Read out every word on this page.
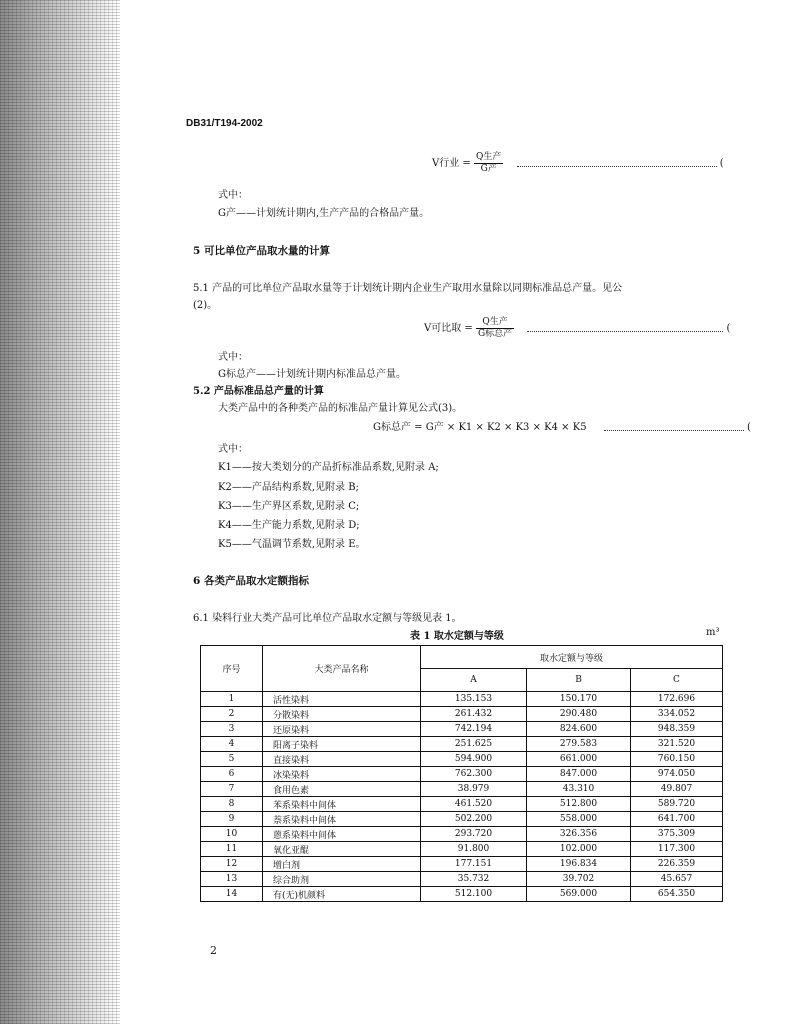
DB31/T194-2002
V行业 = $\frac{\text{Q生产}}{\text{G产}}$	(
式中：
G产——计划统计期内,生产产品的合格品产量。
5 可比单位产品取水量的计算
5.1 产品的可比单位产品取水量等于计划统计期内企业生产取用水量除以同期标准品总产量。见公
(2)。
V可比取 = $\frac{\text{Q生产}}{\text{G标总产}}$	(
式中：
G标总产——计划统计期内标准品总产量。
5.2 产品标准品总产量的计算
大类产品中的各种类产品的标准品产量计算见公式(3)。
G标总产 = G产 × K1 × K2 × K3 × K4 × K5	(
式中：
K1——按大类划分的产品折标准品系数,见附录 A;
K2——产品结构系数,见附录 B;
K3——生产界区系数,见附录 C;
K4——生产能力系数,见附录 D;
K5——气温调节系数,见附录 E。
6 各类产品取水定额指标
6.1 染料行业大类产品可比单位产品取水定额与等级见表 1。
表 1 取水定额与等级	m³
序号	大类产品名称	取水定额与等级		
		A	B	C
1	活性染料	135.153	150.170	172.696
2	分散染料	261.432	290.480	334.052
3	还原染料	742.194	824.600	948.359
4	阳离子染料	251.625	279.583	321.520
5	直接染料	594.900	661.000	760.150
6	冰染染料	762.300	847.000	974.050
7	食用色素	38.979	43.310	49.807
8	苯系染料中间体	461.520	512.800	589.720
9	萘系染料中间体	502.200	558.000	641.700
10	蒽系染料中间体	293.720	326.356	375.309
11	氧化亚醌	91.800	102.000	117.300
12	增白剂	177.151	196.834	226.359
13	综合助剂	35.732	39.702	45.657
14	有(无)机颜料	512.100	569.000	654.350
2
